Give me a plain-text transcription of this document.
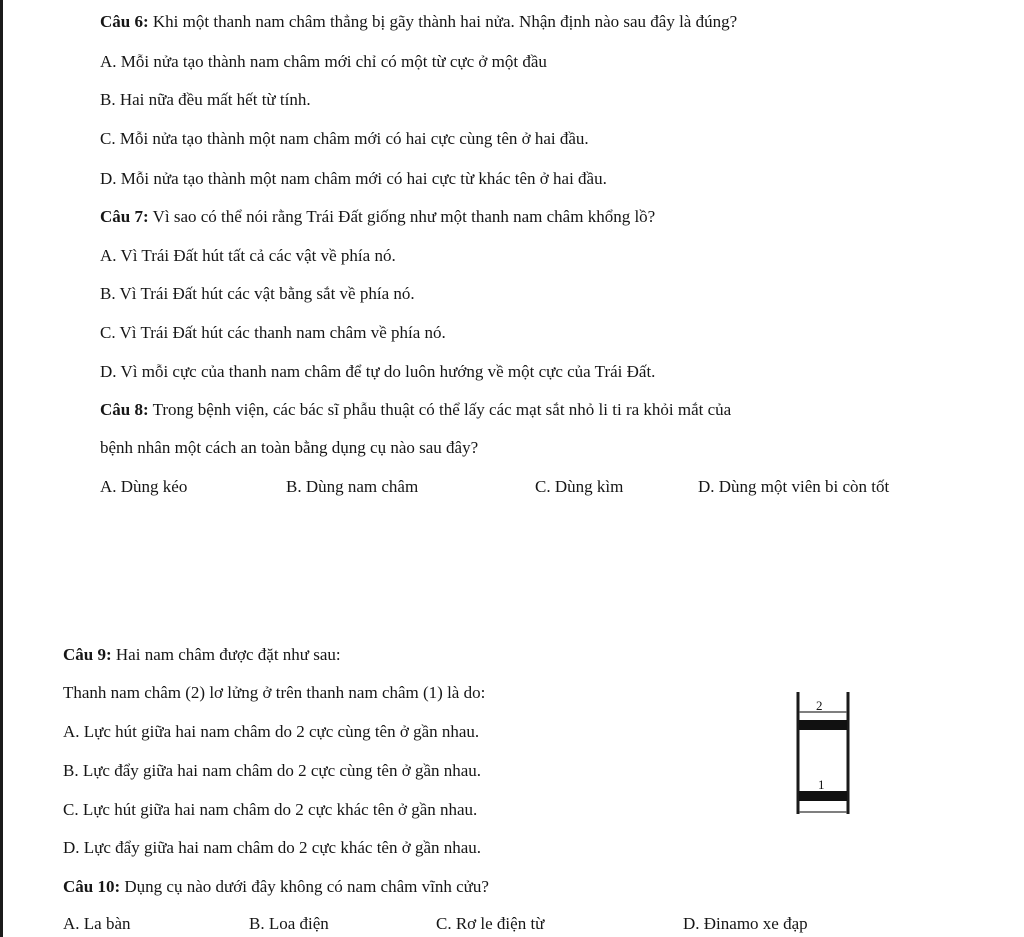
Câu 6: Khi một thanh nam châm thẳng bị gãy thành hai nửa. Nhận định nào sau đây là đúng?
A. Mỗi nửa tạo thành nam châm mới chỉ có một từ cực ở một đầu
B. Hai nữa đều mất hết từ tính.
C. Mỗi nửa tạo thành một nam châm mới có hai cực cùng tên ở hai đầu.
D. Mỗi nửa tạo thành một nam châm mới có hai cực từ khác tên ở hai đầu.
Câu 7: Vì sao có thể nói rằng Trái Đất giống như một thanh nam châm khổng lồ?
A. Vì Trái Đất hút tất cả các vật về phía nó.
B. Vì Trái Đất hút các vật bằng sắt về phía nó.
C. Vì Trái Đất hút các thanh nam châm về phía nó.
D. Vì mỗi cực của thanh nam châm để tự do luôn hướng về một cực của Trái Đất.
Câu 8: Trong bệnh viện, các bác sĩ phẫu thuật có thể lấy các mạt sắt nhỏ li ti ra khỏi mắt của
bệnh nhân một cách an toàn bằng dụng cụ nào sau đây?
A. Dùng kéo	B. Dùng nam châm	C. Dùng kìm	D. Dùng một viên bi còn tốt
Câu 9: Hai nam châm được đặt như sau:
Thanh nam châm (2) lơ lửng ở trên thanh nam châm (1) là do:
A. Lực hút giữa hai nam châm do 2 cực cùng tên ở gần nhau.
B. Lực đẩy giữa hai nam châm do 2 cực cùng tên ở gần nhau.
C. Lực hút giữa hai nam châm do 2 cực khác tên ở gần nhau.
D. Lực đẩy giữa hai nam châm do 2 cực khác tên ở gần nhau.
2
1
Câu 10: Dụng cụ nào dưới đây không có nam châm vĩnh cửu?
A. La bàn	B. Loa điện	C. Rơ le điện từ	D. Đinamo xe đạp
